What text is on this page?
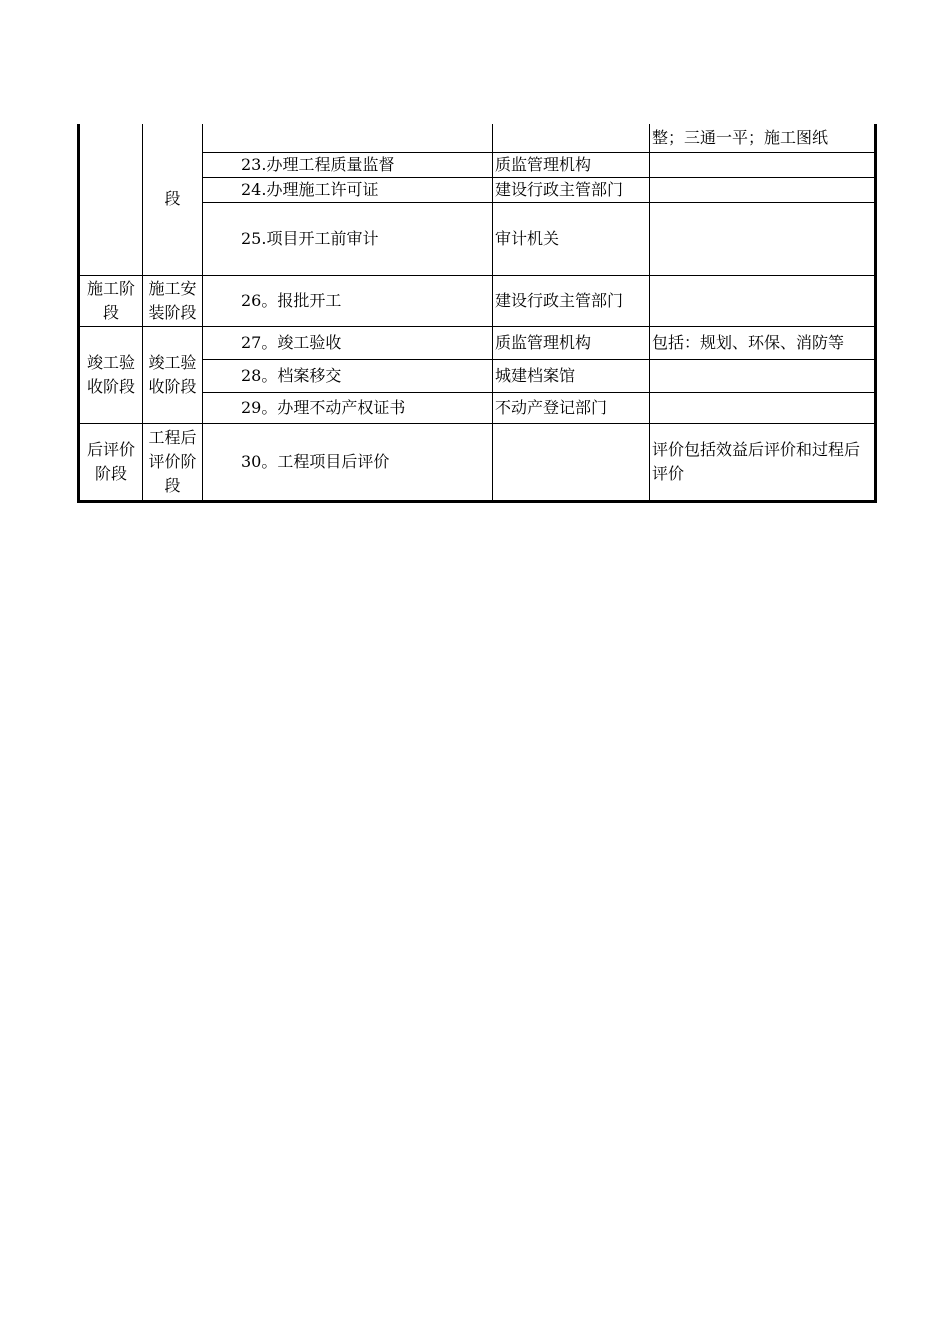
	段			整；三通一平；施工图纸
		23.办理工程质量监督	质监管理机构	
		24.办理施工许可证	建设行政主管部门	
		25.项目开工前审计	审计机关	
施工阶段	施工安装阶段	26。报批开工	建设行政主管部门	
竣工验收阶段	竣工验收阶段	27。竣工验收	质监管理机构	包括：规划、环保、消防等
		28。档案移交	城建档案馆	
		29。办理不动产权证书	不动产登记部门	
后评价阶段	工程后评价阶段	30。工程项目后评价		评价包括效益后评价和过程后评价
